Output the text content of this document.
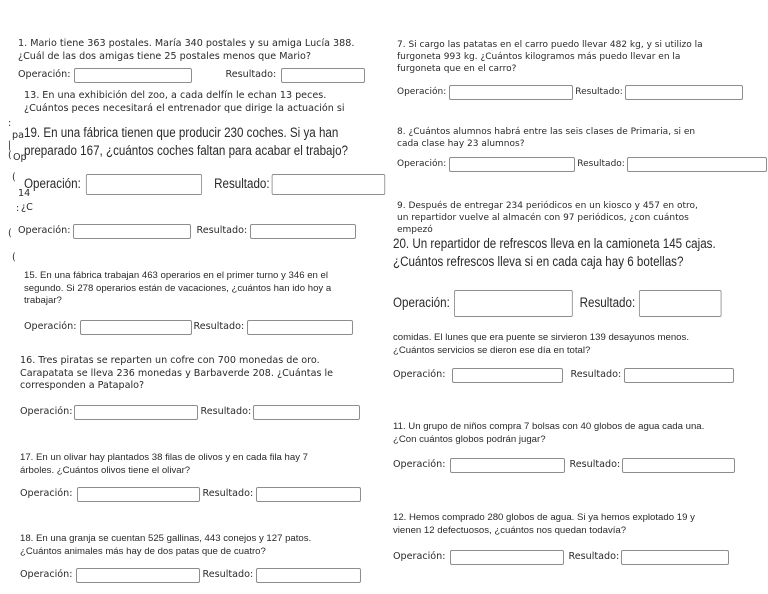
1. Mario tiene 363 postales. María 340 postales y su amiga Lucía 388. ¿Cuál de las dos amigas tiene 25 postales menos que Mario?

Operación:	Resultado:

13. En una exhibición del zoo, a cada delfín le echan 13 peces. ¿Cuántos peces necesitará el entrenador que dirige la actuación si

:
pa
|
( Op
(
14
: ¿C
(
(

19. En una fábrica tienen que producir 230 coches. Si ya han preparado 167, ¿cuántos coches faltan para acabar el trabajo?

Operación:	Resultado:
Operación:	Resultado:

15. En una fábrica trabajan 463 operarios en el primer turno y 346 en el segundo. Si 278 operarios están de vacaciones, ¿cuántos han ido hoy a trabajar?

Operación:	Resultado:

16. Tres piratas se reparten un cofre con 700 monedas de oro. Carapatata se lleva 236 monedas y Barbaverde 208. ¿Cuántas le corresponden a Patapalo?

Operación:	Resultado:

17. En un olivar hay plantados 38 filas de olivos y en cada fila hay 7 árboles. ¿Cuántos olivos tiene el olivar?

Operación:	Resultado:

18. En una granja se cuentan 525 gallinas, 443 conejos y 127 patos. ¿Cuántos animales más hay de dos patas que de cuatro?

Operación:	Resultado:

7. Si cargo las patatas en el carro puedo llevar 482 kg, y si utilizo la furgoneta 993 kg. ¿Cuántos kilogramos más puedo llevar en la furgoneta que en el carro?

Operación:	Resultado:

8. ¿Cuántos alumnos habrá entre las seis clases de Primaria, si en cada clase hay 23 alumnos?

Operación:	Resultado:

9. Después de entregar 234 periódicos en un kiosco y 457 en otro, un repartidor vuelve al almacén con 97 periódicos, ¿con cuántos empezó

20. Un repartidor de refrescos lleva en la camioneta 145 cajas. ¿Cuántos refrescos lleva si en cada caja hay 6 botellas?

Operación:	Resultado:

comidas. El lunes que era puente se sirvieron 139 desayunos menos. ¿Cuántos servicios se dieron ese día en total?

Operación:	Resultado:

11. Un grupo de niños compra 7 bolsas con 40 globos de agua cada una. ¿Con cuántos globos podrán jugar?

Operación:	Resultado:

12. Hemos comprado 280 globos de agua. Si ya hemos explotado 19 y vienen 12 defectuosos, ¿cuántos nos quedan todavía?

Operación:	Resultado:
